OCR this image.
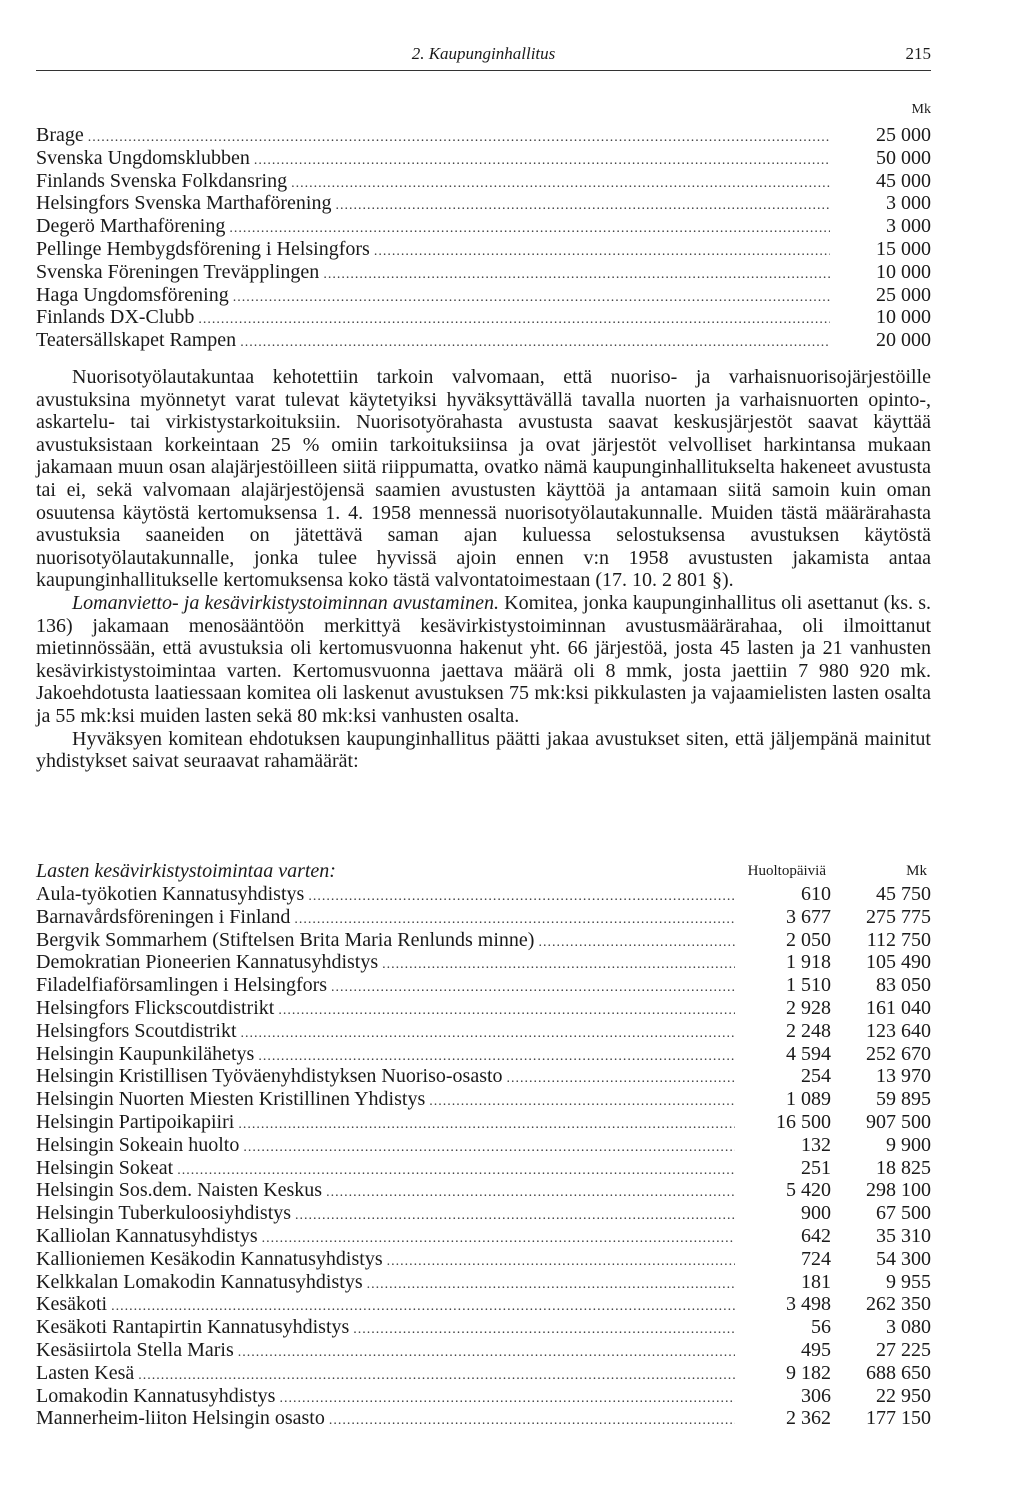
2. Kaupunginhallitus	215
Mk
Brage .....	25 000
Svenska Ungdomsklubben .....	50 000
Finlands Svenska Folkdansring .....	45 000
Helsingfors Svenska Marthaförening .....	3 000
Degerö Marthaförening .....	3 000
Pellinge Hembygdsförening i Helsingfors .....	15 000
Svenska Föreningen Treväpplingen .....	10 000
Haga Ungdomsförening .....	25 000
Finlands DX-Clubb .....	10 000
Teatersällskapet Rampen .....	20 000

Nuorisotyölautakuntaa kehotettiin tarkoin valvomaan, että nuoriso- ja varhaisnuorisojärjestöille avustuksina myönnetyt varat tulevat käytetyiksi hyväksyttävällä tavalla nuorten ja varhaisnuorten opinto-, askartelu- tai virkistystarkoituksiin. Nuorisotyörahasta avustusta saavat keskusjärjestöt saavat käyttää avustuksistaan korkeintaan 25 % omiin tarkoituksiinsa ja ovat järjestöt velvolliset harkintansa mukaan jakamaan muun osan alajärjestöilleen siitä riippumatta, ovatko nämä kaupunginhallitukselta hakeneet avustusta tai ei, sekä valvomaan alajärjestöjensä saamien avustusten käyttöä ja antamaan siitä samoin kuin oman osuutensa käytöstä kertomuksensa 1. 4. 1958 mennessä nuorisotyölautakunnalle. Muiden tästä määrärahasta avustuksia saaneiden on jätettävä saman ajan kuluessa selostuksensa avustuksen käytöstä nuorisotyölautakunnalle, jonka tulee hyvissä ajoin ennen v:n 1958 avustusten jakamista antaa kaupunginhallitukselle kertomuksensa koko tästä valvontatoimestaan (17. 10. 2 801 §).

Lomanvietto- ja kesävirkistystoiminnan avustaminen. Komitea, jonka kaupunginhallitus oli asettanut (ks. s. 136) jakamaan menosääntöön merkittyä kesävirkistystoiminnan avustusmäärärahaa, oli ilmoittanut mietinnössään, että avustuksia oli kertomusvuonna hakenut yht. 66 järjestöä, josta 45 lasten ja 21 vanhusten kesävirkistystoimintaa varten. Kertomusvuonna jaettava määrä oli 8 mmk, josta jaettiin 7 980 920 mk. Jakoehdotusta laatiessaan komitea oli laskenut avustuksen 75 mk:ksi pikkulasten ja vajaamielisten lasten osalta ja 55 mk:ksi muiden lasten sekä 80 mk:ksi vanhusten osalta.

Hyväksyen komitean ehdotuksen kaupunginhallitus päätti jakaa avustukset siten, että jäljempänä mainitut yhdistykset saivat seuraavat rahamäärät:

Lasten kesävirkistystoimintaa varten:	Huoltopäiviä	Mk
Aula-työkotien Kannatusyhdistys .....	610	45 750
Barnavårdsföreningen i Finland .....	3 677	275 775
Bergvik Sommarhem (Stiftelsen Brita Maria Renlunds minne) .....	2 050	112 750
Demokratian Pioneerien Kannatusyhdistys .....	1 918	105 490
Filadelfiaförsamlingen i Helsingfors .....	1 510	83 050
Helsingfors Flickscoutdistrikt .....	2 928	161 040
Helsingfors Scoutdistrikt .....	2 248	123 640
Helsingin Kaupunkilähetys .....	4 594	252 670
Helsingin Kristillisen Työväenyhdistyksen Nuoriso-osasto .....	254	13 970
Helsingin Nuorten Miesten Kristillinen Yhdistys .....	1 089	59 895
Helsingin Partipoikapiiri .....	16 500	907 500
Helsingin Sokeain huolto .....	132	9 900
Helsingin Sokeat .....	251	18 825
Helsingin Sos.dem. Naisten Keskus .....	5 420	298 100
Helsingin Tuberkuloosiyhdistys .....	900	67 500
Kalliolan Kannatusyhdistys .....	642	35 310
Kallioniemen Kesäkodin Kannatusyhdistys .....	724	54 300
Kelkkalan Lomakodin Kannatusyhdistys .....	181	9 955
Kesäkoti .....	3 498	262 350
Kesäkoti Rantapirtin Kannatusyhdistys .....	56	3 080
Kesäsiirtola Stella Maris .....	495	27 225
Lasten Kesä .....	9 182	688 650
Lomakodin Kannatusyhdistys .....	306	22 950
Mannerheim-liiton Helsingin osasto .....	2 362	177 150
